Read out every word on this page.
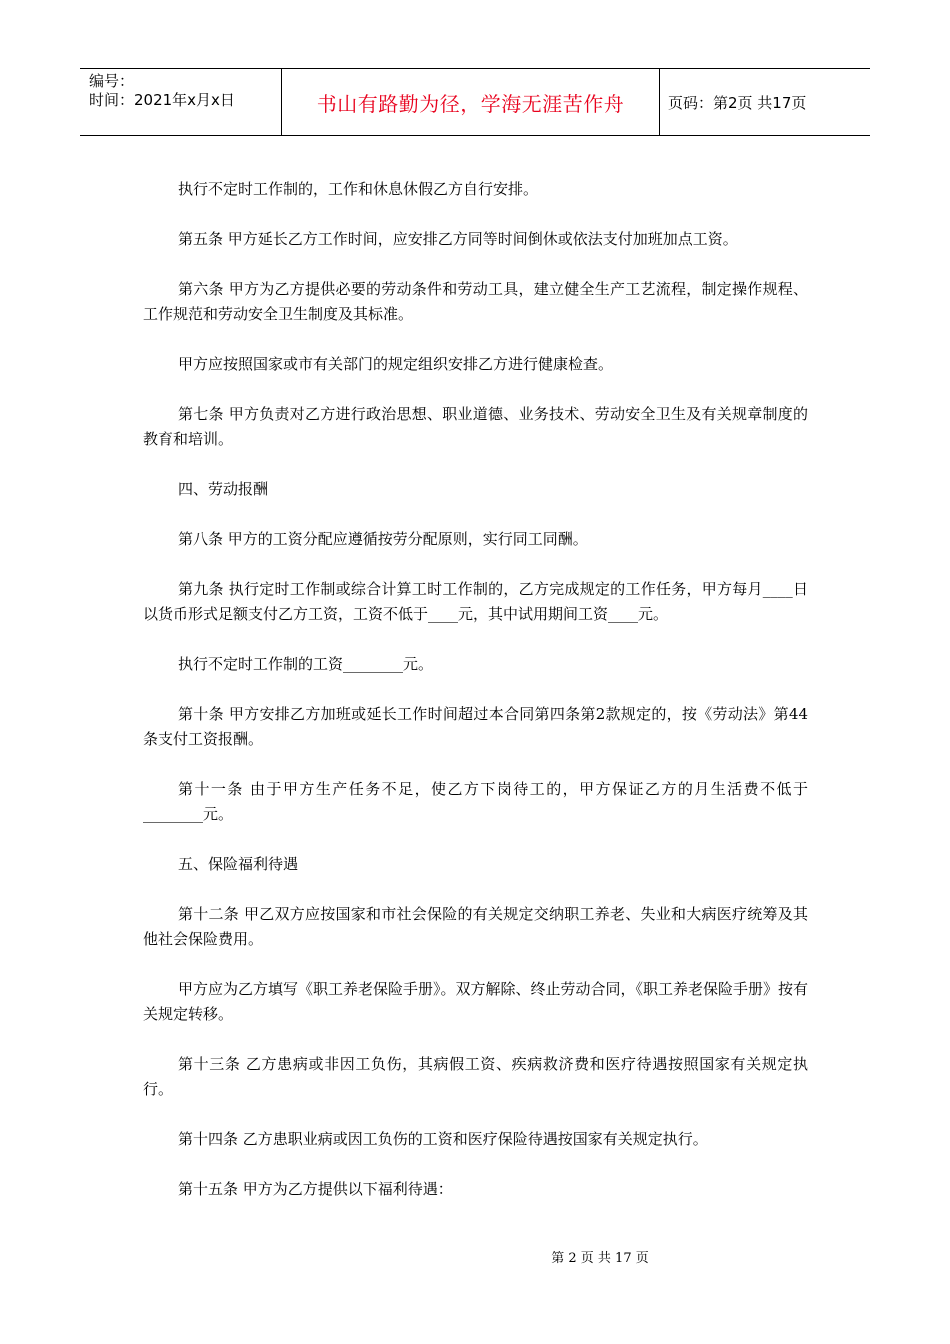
编号：
时间：2021年x月x日	书山有路勤为径，学海无涯苦作舟	页码：第2页 共17页

执行不定时工作制的，工作和休息休假乙方自行安排。

第五条 甲方延长乙方工作时间，应安排乙方同等时间倒休或依法支付加班加点工资。

第六条 甲方为乙方提供必要的劳动条件和劳动工具，建立健全生产工艺流程，制定操作规程、工作规范和劳动安全卫生制度及其标准。

甲方应按照国家或市有关部门的规定组织安排乙方进行健康检查。

第七条 甲方负责对乙方进行政治思想、职业道德、业务技术、劳动安全卫生及有关规章制度的教育和培训。

四、劳动报酬

第八条 甲方的工资分配应遵循按劳分配原则，实行同工同酬。

第九条 执行定时工作制或综合计算工时工作制的，乙方完成规定的工作任务，甲方每月____日以货币形式足额支付乙方工资，工资不低于____元，其中试用期间工资____元。

执行不定时工作制的工资________元。

第十条 甲方安排乙方加班或延长工作时间超过本合同第四条第2款规定的，按《劳动法》第44条支付工资报酬。

第十一条 由于甲方生产任务不足，使乙方下岗待工的，甲方保证乙方的月生活费不低于________元。

五、保险福利待遇

第十二条 甲乙双方应按国家和市社会保险的有关规定交纳职工养老、失业和大病医疗统筹及其他社会保险费用。

甲方应为乙方填写《职工养老保险手册》。双方解除、终止劳动合同，《职工养老保险手册》按有关规定转移。

第十三条 乙方患病或非因工负伤，其病假工资、疾病救济费和医疗待遇按照国家有关规定执行。

第十四条 乙方患职业病或因工负伤的工资和医疗保险待遇按国家有关规定执行。

第十五条 甲方为乙方提供以下福利待遇：

第 2 页 共 17 页
